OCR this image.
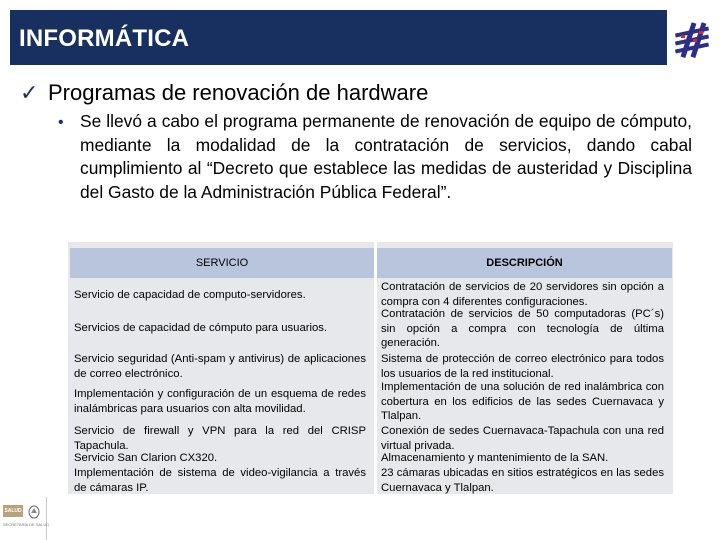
INFORMÁTICA
✓ Programas de renovación de hardware
• Se llevó a cabo el programa permanente de renovación de equipo de cómputo, mediante la modalidad de la contratación de servicios, dando cabal cumplimiento al “Decreto que establece las medidas de austeridad y Disciplina del Gasto de la Administración Pública Federal”.
SERVICIO	DESCRIPCIÓN
Servicio de capacidad de computo-servidores.
Contratación de servicios de 20 servidores sin opción a compra con 4 diferentes configuraciones.
Servicios de capacidad de cómputo para usuarios.
Contratación de servicios de 50 computadoras (PC´s) sin opción a compra con tecnología de última generación.
Servicio seguridad (Anti-spam y antivirus) de aplicaciones de correo electrónico.
Sistema de protección de correo electrónico para todos los usuarios de la red institucional.
Implementación y configuración de un esquema de redes inalámbricas para usuarios con alta movilidad.
Implementación de una solución de red inalámbrica con cobertura en los edificios de las sedes Cuernavaca y Tlalpan.
Servicio de firewall y VPN para la red del CRISP Tapachula.
Conexión de sedes Cuernavaca-Tapachula con una red virtual privada.
Servicio San Clarion CX320.	Almacenamiento y mantenimiento de la SAN.
Implementación de sistema de video-vigilancia a través de cámaras IP.
23 cámaras ubicadas en sitios estratégicos en las sedes Cuernavaca y Tlalpan.
SALUD
SECRETARÍA DE SALUD
